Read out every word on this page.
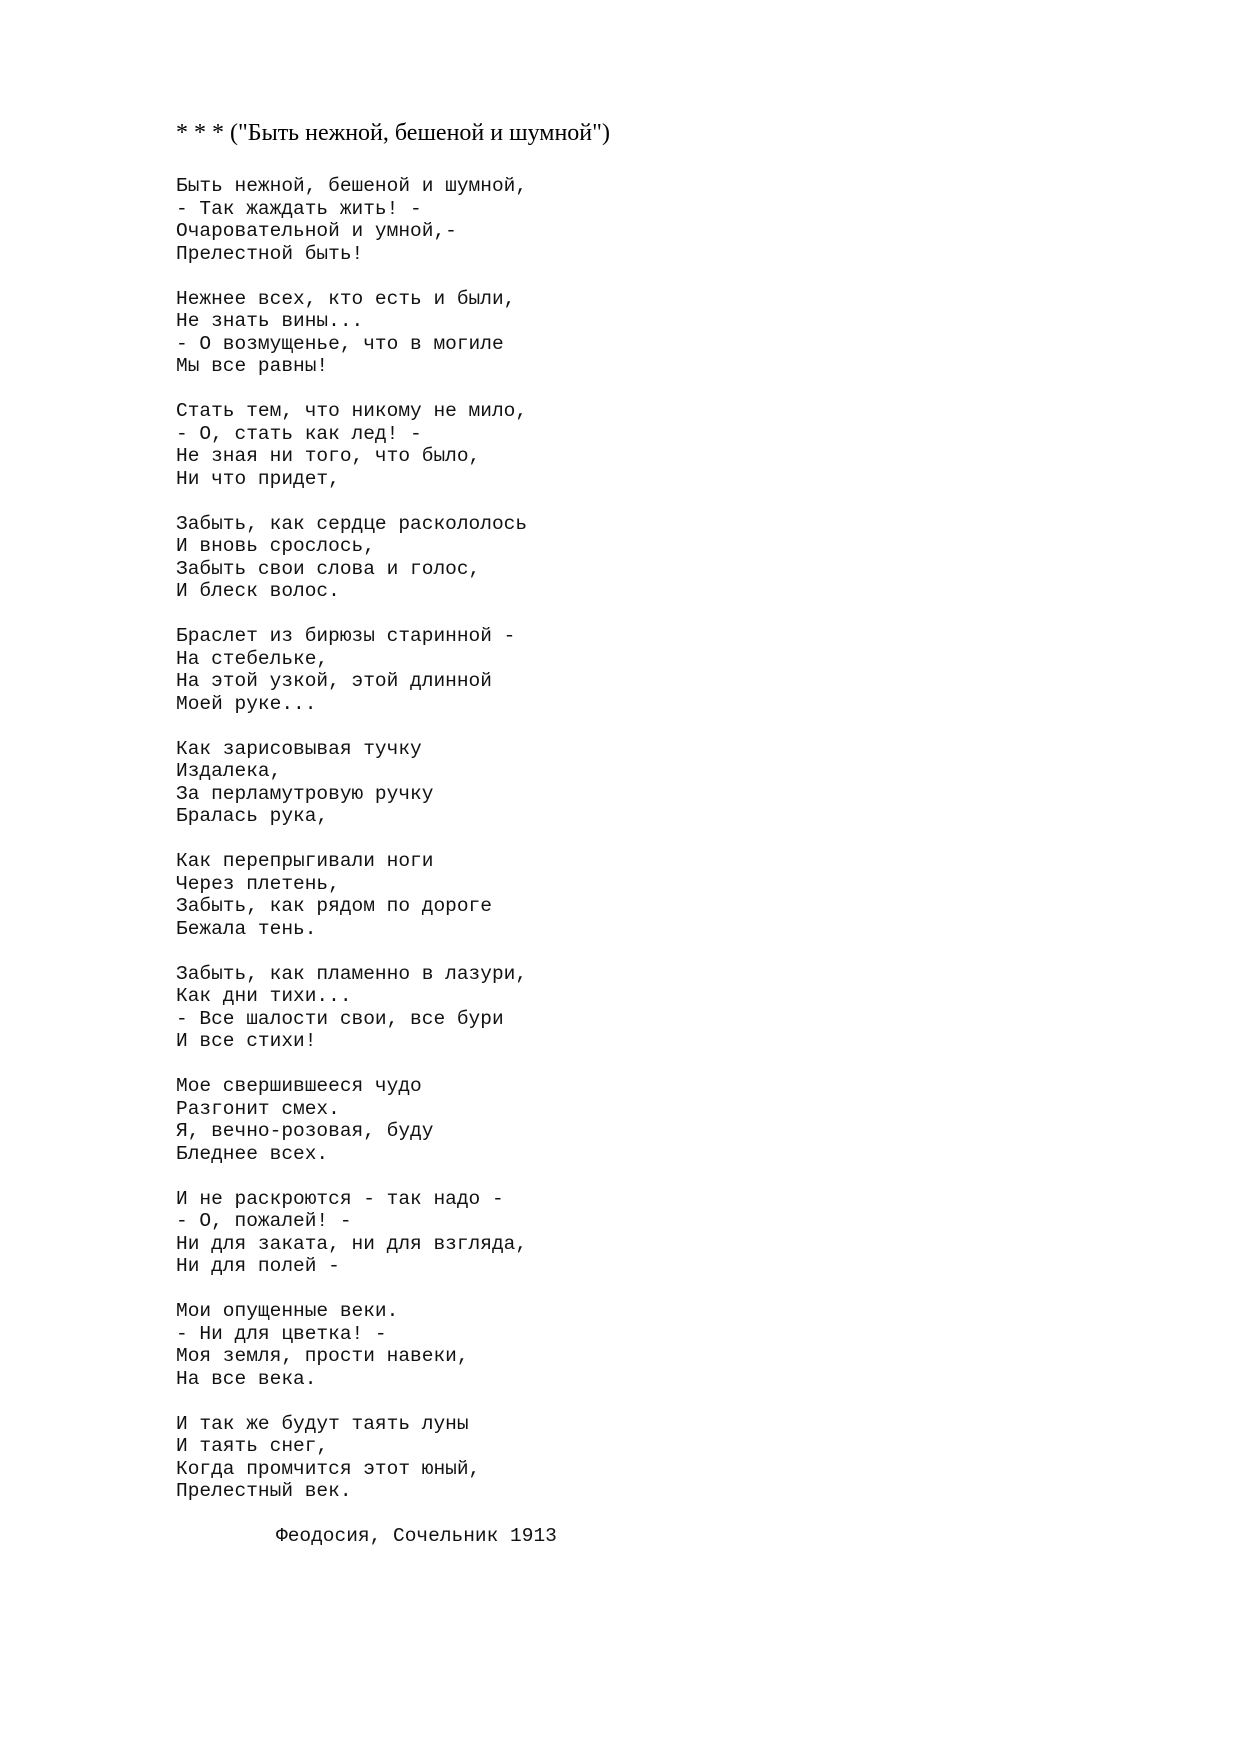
* * * ("Быть нежной, бешеной и шумной")
Быть нежной, бешеной и шумной,
- Так жаждать жить! -
Очаровательной и умной,-
Прелестной быть!
Нежнее всех, кто есть и были,
Не знать вины...
- О возмущенье, что в могиле
Мы все равны!
Стать тем, что никому не мило,
- О, стать как лед! -
Не зная ни того, что было,
Ни что придет,
Забыть, как сердце раскололось
И вновь срослось,
Забыть свои слова и голос,
И блеск волос.
Браслет из бирюзы старинной -
На стебельке,
На этой узкой, этой длинной
Моей руке...
Как зарисовывая тучку
Издалека,
За перламутровую ручку
Бралась рука,
Как перепрыгивали ноги
Через плетень,
Забыть, как рядом по дороге
Бежала тень.
Забыть, как пламенно в лазури,
Как дни тихи...
- Все шалости свои, все бури
И все стихи!
Мое свершившееся чудо
Разгонит смех.
Я, вечно-розовая, буду
Бледнее всех.
И не раскроются - так надо -
- О, пожалей! -
Ни для заката, ни для взгляда,
Ни для полей -
Мои опущенные веки.
- Ни для цветка! -
Моя земля, прости навеки,
На все века.
И так же будут таять луны
И таять снег,
Когда промчится этот юный,
Прелестный век.
Феодосия, Сочельник 1913
